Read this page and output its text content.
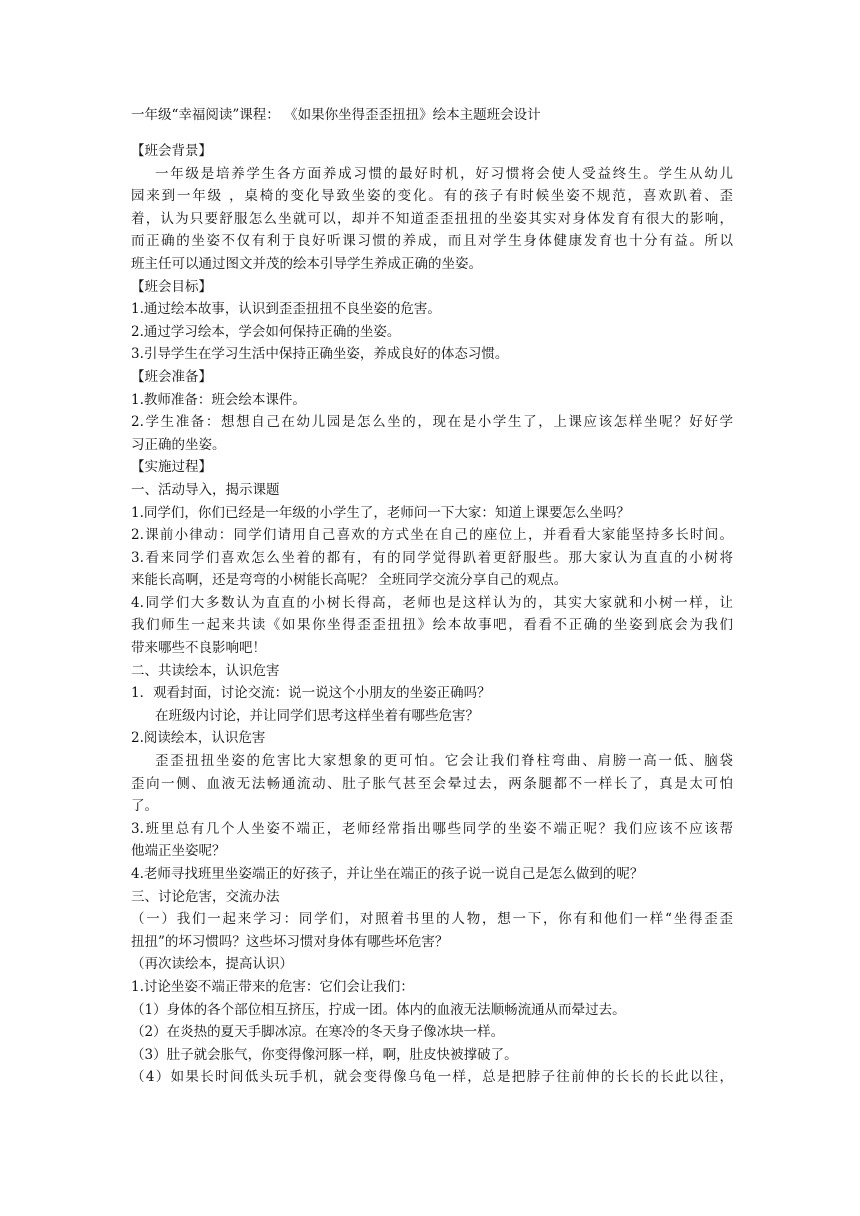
一年级“幸福阅读”课程： 《如果你坐得歪歪扭扭》绘本主题班会设计
【班会背景】
一年级是培养学生各方面养成习惯的最好时机，好习惯将会使人受益终生。学生从幼儿
园来到一年级 ，桌椅的变化导致坐姿的变化。有的孩子有时候坐姿不规范，喜欢趴着、歪
着，认为只要舒服怎么坐就可以，却并不知道歪歪扭扭的坐姿其实对身体发育有很大的影响，
而正确的坐姿不仅有利于良好听课习惯的养成，而且对学生身体健康发育也十分有益。所以
班主任可以通过图文并茂的绘本引导学生养成正确的坐姿。
【班会目标】
1.通过绘本故事，认识到歪歪扭扭不良坐姿的危害。
2.通过学习绘本，学会如何保持正确的坐姿。
3.引导学生在学习生活中保持正确坐姿，养成良好的体态习惯。
【班会准备】
1.教师准备：班会绘本课件。
2.学生准备：想想自己在幼儿园是怎么坐的，现在是小学生了，上课应该怎样坐呢？好好学
习正确的坐姿。
【实施过程】
一、活动导入，揭示课题
1.同学们，你们已经是一年级的小学生了，老师问一下大家：知道上课要怎么坐吗？
2.课前小律动：同学们请用自己喜欢的方式坐在自己的座位上，并看看大家能坚持多长时间。
3.看来同学们喜欢怎么坐着的都有，有的同学觉得趴着更舒服些。那大家认为直直的小树将
来能长高啊，还是弯弯的小树能长高呢？ 全班同学交流分享自己的观点。
4.同学们大多数认为直直的小树长得高，老师也是这样认为的，其实大家就和小树一样，让
我们师生一起来共读《如果你坐得歪歪扭扭》绘本故事吧，看看不正确的坐姿到底会为我们
带来哪些不良影响吧！
二、共读绘本，认识危害
1．观看封面，讨论交流：说一说这个小朋友的坐姿正确吗？
在班级内讨论，并让同学们思考这样坐着有哪些危害？
2.阅读绘本，认识危害
歪歪扭扭坐姿的危害比大家想象的更可怕。它会让我们脊柱弯曲、肩膀一高一低、脑袋
歪向一侧、血液无法畅通流动、肚子胀气甚至会晕过去，两条腿都不一样长了，真是太可怕
了。
3.班里总有几个人坐姿不端正，老师经常指出哪些同学的坐姿不端正呢？我们应该不应该帮
他端正坐姿呢？
4.老师寻找班里坐姿端正的好孩子，并让坐在端正的孩子说一说自己是怎么做到的呢？
三、讨论危害，交流办法
（一）我们一起来学习：同学们，对照着书里的人物，想一下，你有和他们一样“坐得歪歪
扭扭”的坏习惯吗？这些坏习惯对身体有哪些坏危害？
（再次读绘本，提高认识）
1.讨论坐姿不端正带来的危害：它们会让我们：
（1）身体的各个部位相互挤压，拧成一团。体内的血液无法顺畅流通从而晕过去。
（2）在炎热的夏天手脚冰凉。在寒冷的冬天身子像冰块一样。
（3）肚子就会胀气，你变得像河豚一样，啊，肚皮快被撑破了。
（4）如果长时间低头玩手机，就会变得像乌龟一样，总是把脖子往前伸的长长的长此以往，
